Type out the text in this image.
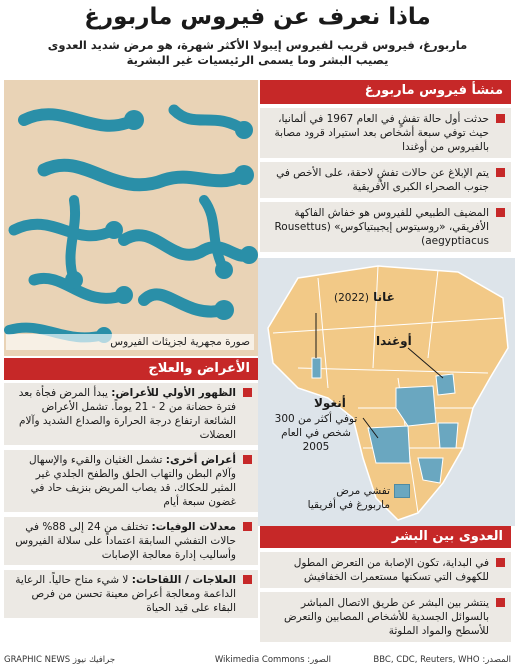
ماذا نعرف عن فيروس ماربورغ
ماربورغ، فيروس قريب لفيروس إيبولا الأكثر شهرة، هو مرض شديد العدوى
يصيب البشر وما يسمى الرئيسيات غير البشرية
صورة مجهرية لجزيئات الفيروس
منشأ فيروس ماربورغ
حدثت أول حالة تفشٍ في العام 1967 في ألمانيا، حيث توفي سبعة أشخاص بعد استيراد قرود مصابة بالفيروس من أوغندا
يتم الإبلاغ عن حالات تفشٍ لاحقة، على الأخص في جنوب الصحراء الكبرى الأفريقية
المضيف الطبيعي للفيروس هو خفاش الفاكهة الأفريقي، «روسيتوس إيجيبتياكوس» (Rousettus aegyptiacus)
غانا (2022)
أوغندا
أنغولا
توفي أكثر من 300 شخص في العام 2005
تفشي مرض ماربورغ في أفريقيا
الأعراض والعلاج
الظهور الأولي للأعراض: يبدأ المرض فجأة بعد فترة حضانة من 2 - 21 يوماً. تشمل الأعراض الشائعة ارتفاع درجة الحرارة والصداع الشديد وآلام العضلات
أعراض أخرى: تشمل الغثيان والقيء والإسهال وآلام البطن والتهاب الحلق والطفح الجلدي غير المثير للحكاك. قد يصاب المريض بنزيف حاد في غضون سبعة أيام
معدلات الوفيات: تختلف من 24 إلى 88% في حالات التفشي السابقة اعتماداً على سلالة الفيروس وأساليب إدارة معالجة الإصابات
العلاجات / اللقاحات: لا شيء متاح حالياً. الرعاية الداعمة ومعالجة أعراض معينة تحسن من فرص البقاء على قيد الحياة
العدوى بين البشر
في البداية، تكون الإصابة من التعرض المطول للكهوف التي تسكنها مستعمرات الخفافيش
ينتشر بين البشر عن طريق الاتصال المباشر بالسوائل الجسدية للأشخاص المصابين والتعرض للأسطح والمواد الملوثة
المصدر: BBC, CDC, Reuters, WHO
الصور: Wikimedia Commons
جرافيك نيوز GRAPHIC NEWS
